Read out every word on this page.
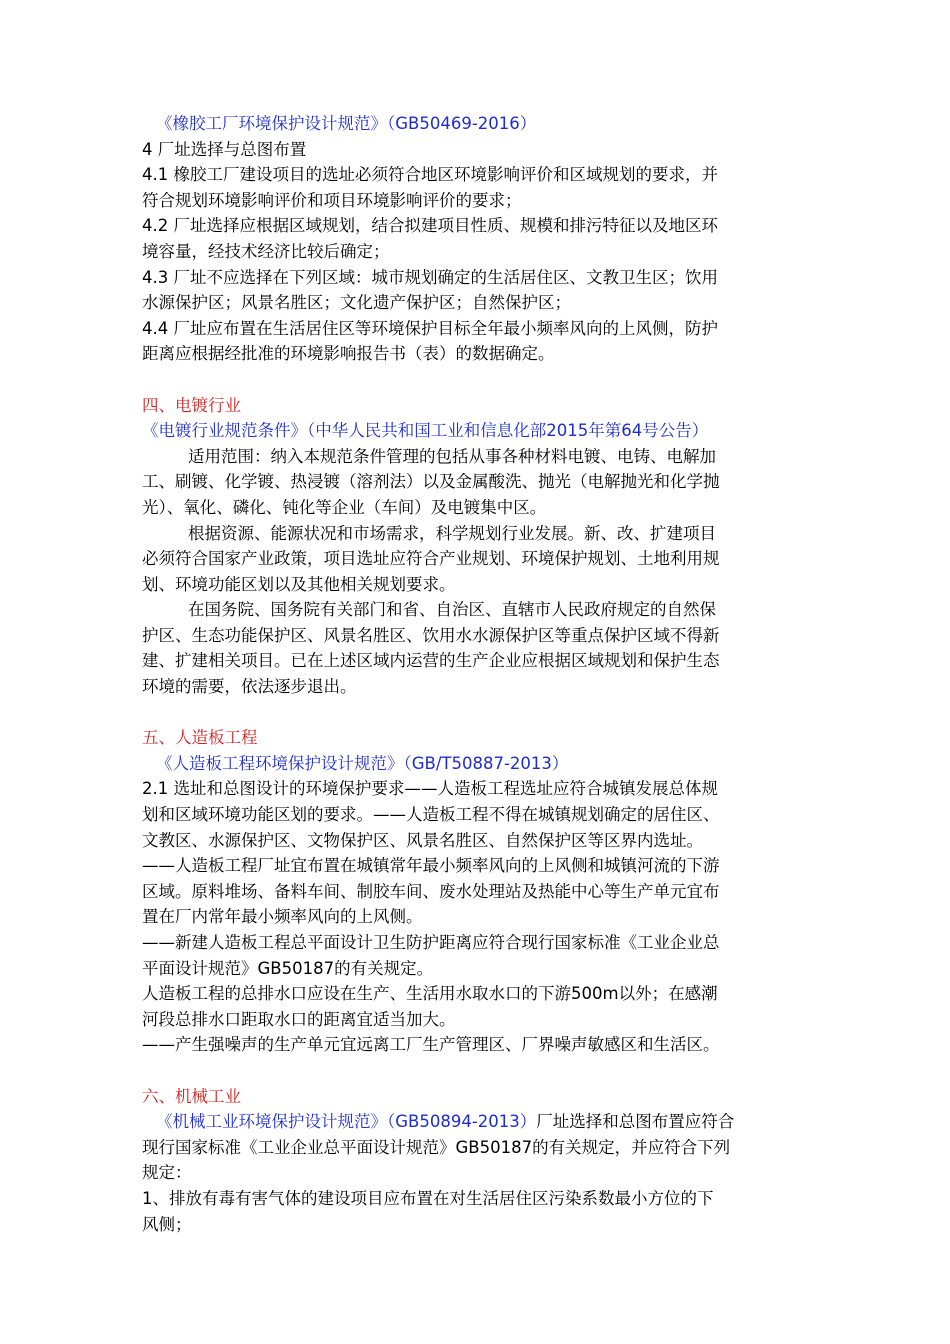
《橡胶工厂环境保护设计规范》（GB50469-2016）
4 厂址选择与总图布置
4.1 橡胶工厂建设项目的选址必须符合地区环境影响评价和区域规划的要求，并
符合规划环境影响评价和项目环境影响评价的要求；
4.2 厂址选择应根据区域规划，结合拟建项目性质、规模和排污特征以及地区环
境容量，经技术经济比较后确定；
4.3 厂址不应选择在下列区域：城市规划确定的生活居住区、文教卫生区；饮用
水源保护区；风景名胜区；文化遗产保护区；自然保护区；
4.4 厂址应布置在生活居住区等环境保护目标全年最小频率风向的上风侧，防护
距离应根据经批准的环境影响报告书（表）的数据确定。
四、电镀行业
《电镀行业规范条件》（中华人民共和国工业和信息化部2015年第64号公告）
适用范围：纳入本规范条件管理的包括从事各种材料电镀、电铸、电解加
工、刷镀、化学镀、热浸镀（溶剂法）以及金属酸洗、抛光（电解抛光和化学抛
光）、氧化、磷化、钝化等企业（车间）及电镀集中区。
根据资源、能源状况和市场需求，科学规划行业发展。新、改、扩建项目
必须符合国家产业政策，项目选址应符合产业规划、环境保护规划、土地利用规
划、环境功能区划以及其他相关规划要求。
在国务院、国务院有关部门和省、自治区、直辖市人民政府规定的自然保
护区、生态功能保护区、风景名胜区、饮用水水源保护区等重点保护区域不得新
建、扩建相关项目。已在上述区域内运营的生产企业应根据区域规划和保护生态
环境的需要，依法逐步退出。
五、人造板工程
《人造板工程环境保护设计规范》（GB/T50887-2013）
2.1 选址和总图设计的环境保护要求——人造板工程选址应符合城镇发展总体规
划和区域环境功能区划的要求。——人造板工程不得在城镇规划确定的居住区、
文教区、水源保护区、文物保护区、风景名胜区、自然保护区等区界内选址。
——人造板工程厂址宜布置在城镇常年最小频率风向的上风侧和城镇河流的下游
区域。原料堆场、备料车间、制胶车间、废水处理站及热能中心等生产单元宜布
置在厂内常年最小频率风向的上风侧。
——新建人造板工程总平面设计卫生防护距离应符合现行国家标准《工业企业总
平面设计规范》GB50187的有关规定。
人造板工程的总排水口应设在生产、生活用水取水口的下游500m以外；在感潮
河段总排水口距取水口的距离宜适当加大。
——产生强噪声的生产单元宜远离工厂生产管理区、厂界噪声敏感区和生活区。
六、机械工业
《机械工业环境保护设计规范》（GB50894-2013）厂址选择和总图布置应符合
现行国家标准《工业企业总平面设计规范》GB50187的有关规定，并应符合下列
规定：
1、排放有毒有害气体的建设项目应布置在对生活居住区污染系数最小方位的下
风侧；
